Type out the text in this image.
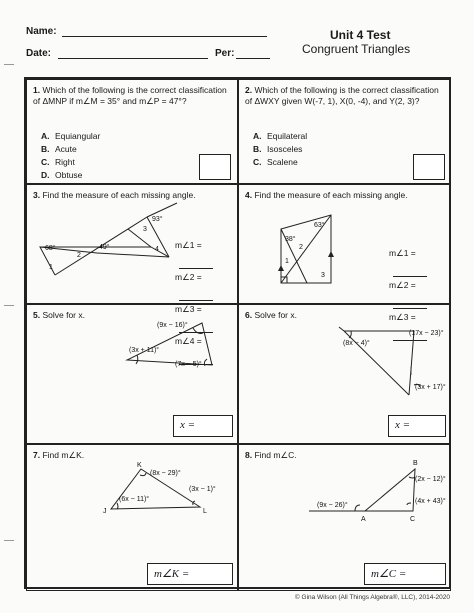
Name:
Date:	Per:
Unit 4 Test
Congruent Triangles
1. Which of the following is the correct classification of ΔMNP if m∠M = 35° and m∠P = 47°?
A. Equiangular
B. Acute
C. Right
D. Obtuse
2. Which of the following is the correct classification of ΔWXY given W(-7, 1), X(0, -4), and Y(2, 3)?
A. Equilateral
B. Isosceles
C. Scalene
3. Find the measure of each missing angle.
68°	49°
93°
1
2
3
4 m∠1 =
m∠2 =
m∠3 =
m∠4 =
4. Find the measure of each missing angle.
63°
38°
1
2
3
m∠1 =
m∠2 =
m∠3 =
5. Solve for x.
(9x − 16)°
(3x + 11)°
(7x − 5)°
x =
6. Solve for x.
(8x − 4)°
(17x − 23)°
(3x + 17)°
x =
7. Find m∠K.
K
J	L
(8x − 29)°
(6x − 11)°
(3x − 1)°
m∠K =
8. Find m∠C.
A
B
C
(9x − 26)°
(2x − 12)°
(4x + 43)°
m∠C =
© Gina Wilson (All Things Algebra®, LLC), 2014-2020
